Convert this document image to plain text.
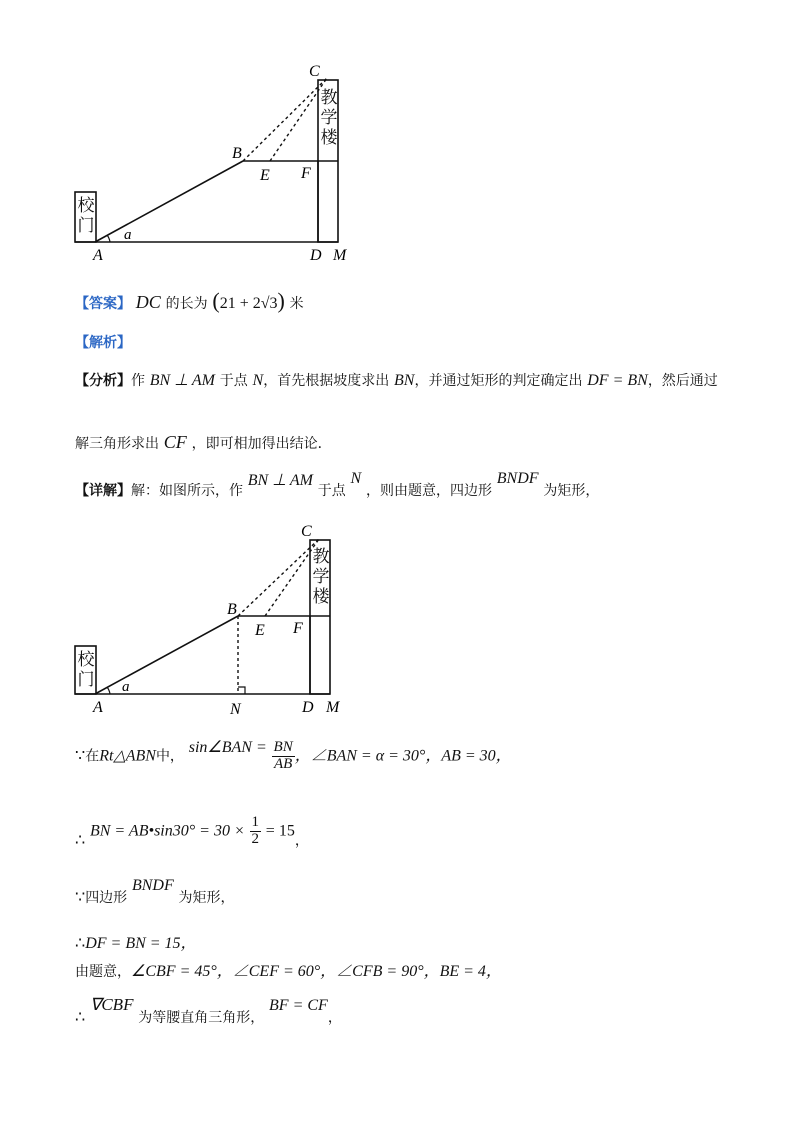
A
B
C
D
E F
M
a
教学楼
校门
【答案】 DC 的长为 (21 + 2√3) 米
【解析】
【分析】作 BN ⊥ AM 于点 N，首先根据坡度求出 BN，并通过矩形的判定确定出 DF = BN，然后通过
解三角形求出 CF ，即可相加得出结论．
【详解】解：如图所示，作 BN ⊥ AM 于点 N ，则由题意，四边形 BNDF 为矩形，
A
B
C
D
E F
M
N
a
教学楼
校门
∵在Rt△ABN中， sin∠BAN = $\frac{BN}{AB}$ ，∠BAN = α = 30°，AB = 30，
∴ BN = AB•sin30° = $30 \times \frac{1}{2} = 15$，
∵四边形 BNDF 为矩形，
∴DF = BN = 15，
由题意，∠CBF = 45°，∠CEF = 60°，∠CFB = 90°，BE = 4，
∴ ∇CBF 为等腰直角三角形， BF = CF，
